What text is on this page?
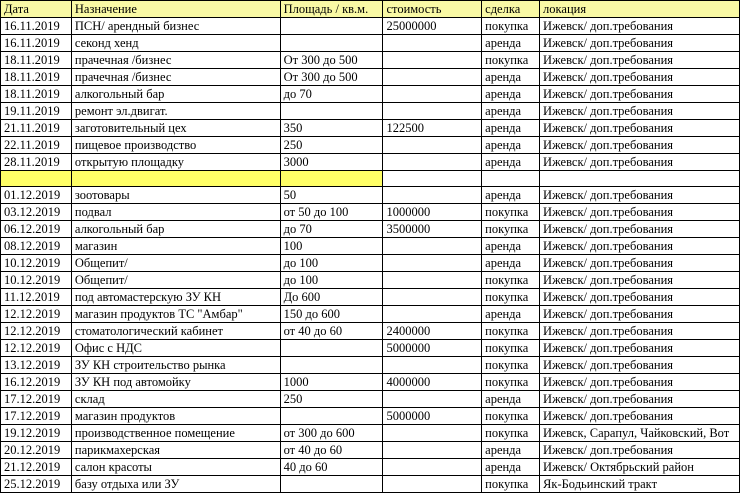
Дата	Назначение	Площадь / кв.м.	стоимость	сделка	локация
16.11.2019	ПСН/ арендный бизнес		25000000	покупка	Ижевск/ доп.требования
16.11.2019	секонд хенд			аренда	Ижевск/ доп.требования
18.11.2019	прачечная /бизнес	От 300 до 500		покупка	Ижевск/ доп.требования
18.11.2019	прачечная /бизнес	От 300 до 500		аренда	Ижевск/ доп.требования
18.11.2019	алкогольный бар	до 70		аренда	Ижевск/ доп.требования
19.11.2019	ремонт эл.двигат.			аренда	Ижевск/ доп.требования
21.11.2019	заготовительный цех	350	122500	аренда	Ижевск/ доп.требования
22.11.2019	пищевое производство	250		аренда	Ижевск/ доп.требования
28.11.2019	открытую площадку	3000		аренда	Ижевск/ доп.требования

01.12.2019	зоотовары	50		аренда	Ижевск/ доп.требования
03.12.2019	подвал	от 50 до 100	1000000	покупка	Ижевск/ доп.требования
06.12.2019	алкогольный бар	до 70	3500000	покупка	Ижевск/ доп.требования
08.12.2019	магазин	100		аренда	Ижевск/ доп.требования
10.12.2019	Общепит/	до 100		аренда	Ижевск/ доп.требования
10.12.2019	Общепит/	до 100		покупка	Ижевск/ доп.требования
11.12.2019	под автомастерскую ЗУ КН	До 600		покупка	Ижевск/ доп.требования
12.12.2019	магазин продуктов ТС "Амбар"	150 до 600		аренда	Ижевск/ доп.требования
12.12.2019	стоматологический кабинет	от 40 до 60	2400000	покупка	Ижевск/ доп.требования
12.12.2019	Офис с НДС		5000000	покупка	Ижевск/ доп.требования
13.12.2019	ЗУ КН строительство рынка			покупка	Ижевск/ доп.требования
16.12.2019	ЗУ КН под автомойку	1000	4000000	покупка	Ижевск/ доп.требования
17.12.2019	склад	250		аренда	Ижевск/ доп.требования
17.12.2019	магазин продуктов		5000000	покупка	Ижевск/ доп.требования
19.12.2019	производственное помещение	от 300 до 600		покупка	Ижевск, Сарапул, Чайковский, Вот
20.12.2019	парикмахерская	от 40 до 60		аренда	Ижевск/ доп.требования
21.12.2019	салон красоты	40 до 60		аренда	Ижевск/ Октябрьский район
25.12.2019	базу отдыха или ЗУ			покупка	Як-Бодьинский тракт
